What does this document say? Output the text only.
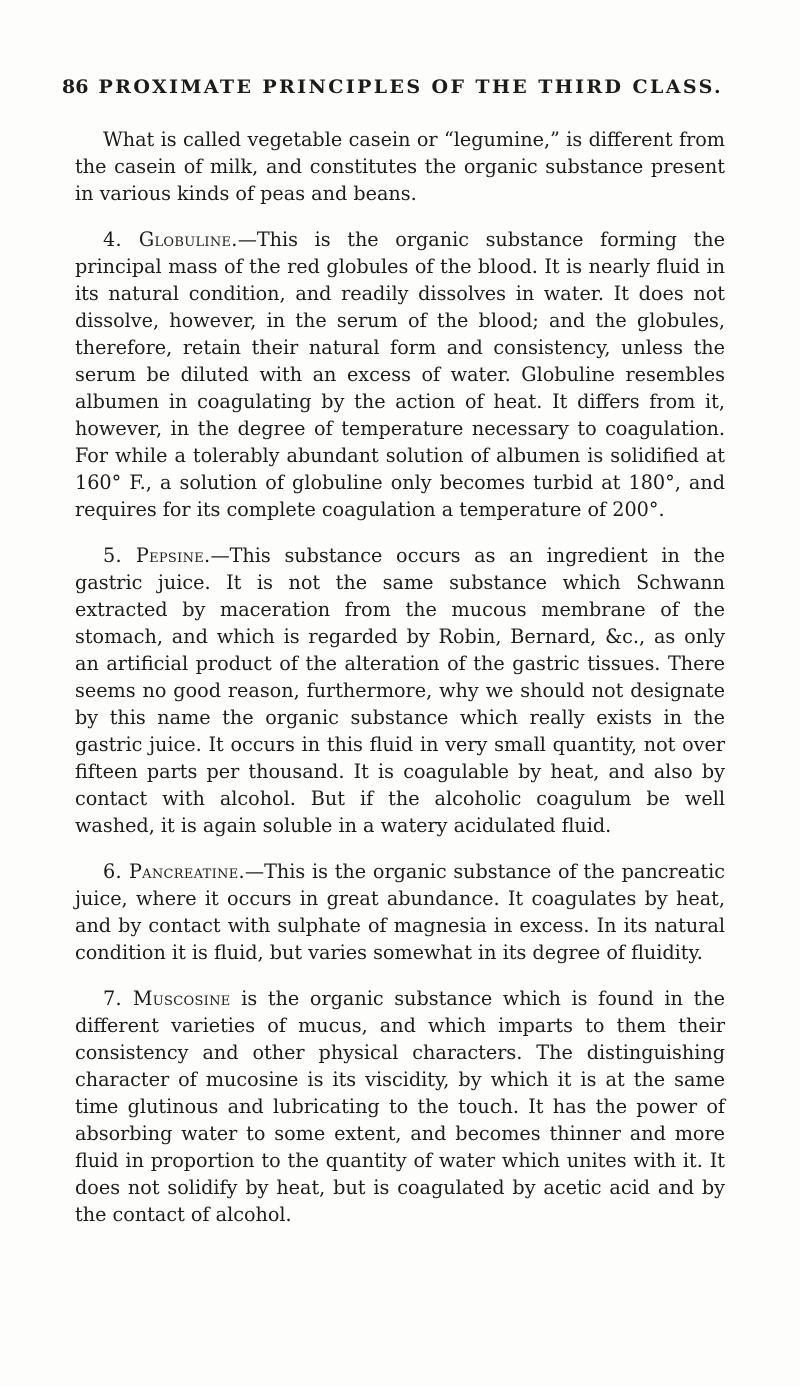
86 PROXIMATE PRINCIPLES OF THE THIRD CLASS.

What is called vegetable casein or “legumine,” is different from the casein of milk, and constitutes the organic substance present in various kinds of peas and beans.

4. Globuline.—This is the organic substance forming the principal mass of the red globules of the blood. It is nearly fluid in its natural condition, and readily dissolves in water. It does not dissolve, however, in the serum of the blood; and the globules, therefore, retain their natural form and consistency, unless the serum be diluted with an excess of water. Globuline resembles albumen in coagulating by the action of heat. It differs from it, however, in the degree of temperature necessary to coagulation. For while a tolerably abundant solution of albumen is solidified at 160° F., a solution of globuline only becomes turbid at 180°, and requires for its complete coagulation a temperature of 200°.

5. Pepsine.—This substance occurs as an ingredient in the gastric juice. It is not the same substance which Schwann extracted by maceration from the mucous membrane of the stomach, and which is regarded by Robin, Bernard, &c., as only an artificial product of the alteration of the gastric tissues. There seems no good reason, furthermore, why we should not designate by this name the organic substance which really exists in the gastric juice. It occurs in this fluid in very small quantity, not over fifteen parts per thousand. It is coagulable by heat, and also by contact with alcohol. But if the alcoholic coagulum be well washed, it is again soluble in a watery acidulated fluid.

6. Pancreatine.—This is the organic substance of the pancreatic juice, where it occurs in great abundance. It coagulates by heat, and by contact with sulphate of magnesia in excess. In its natural condition it is fluid, but varies somewhat in its degree of fluidity.

7. Muscosine is the organic substance which is found in the different varieties of mucus, and which imparts to them their consistency and other physical characters. The distinguishing character of mucosine is its viscidity, by which it is at the same time glutinous and lubricating to the touch. It has the power of absorbing water to some extent, and becomes thinner and more fluid in proportion to the quantity of water which unites with it. It does not solidify by heat, but is coagulated by acetic acid and by the contact of alcohol.
